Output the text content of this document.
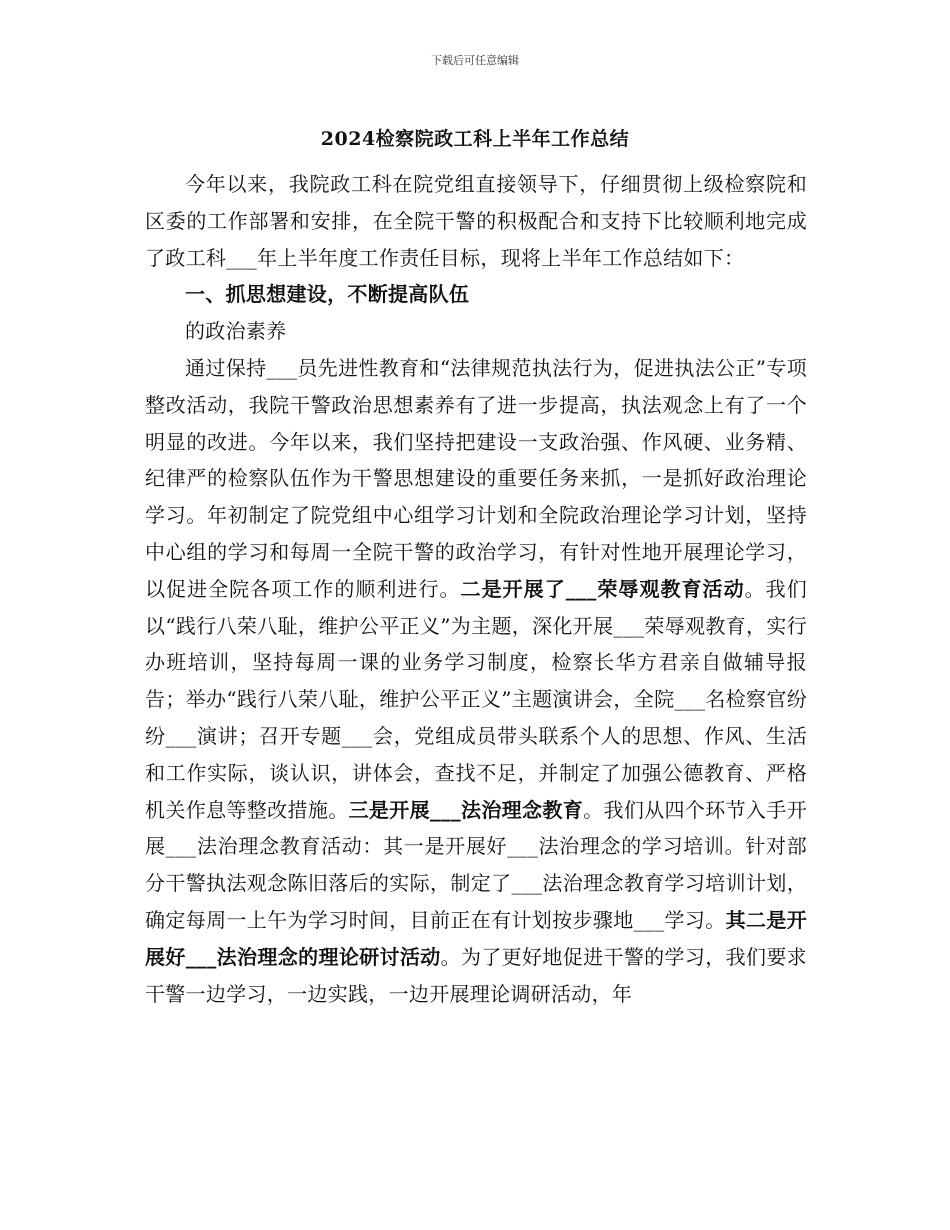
下载后可任意编辑
2024检察院政工科上半年工作总结

今年以来，我院政工科在院党组直接领导下，仔细贯彻上级检察院和区委的工作部署和安排，在全院干警的积极配合和支持下比较顺利地完成了政工科___年上半年度工作责任目标，现将上半年工作总结如下：

一、抓思想建设，不断提高队伍

的政治素养

通过保持___员先进性教育和“法律规范执法行为，促进执法公正”专项整改活动，我院干警政治思想素养有了进一步提高，执法观念上有了一个明显的改进。今年以来，我们坚持把建设一支政治强、作风硬、业务精、纪律严的检察队伍作为干警思想建设的重要任务来抓，一是抓好政治理论学习。年初制定了院党组中心组学习计划和全院政治理论学习计划，坚持中心组的学习和每周一全院干警的政治学习，有针对性地开展理论学习，以促进全院各项工作的顺利进行。二是开展了___荣辱观教育活动。我们以“践行八荣八耻，维护公平正义”为主题，深化开展___荣辱观教育，实行办班培训，坚持每周一课的业务学习制度，检察长华方君亲自做辅导报告；举办“践行八荣八耻，维护公平正义”主题演讲会，全院___名检察官纷纷___演讲；召开专题___会，党组成员带头联系个人的思想、作风、生活和工作实际，谈认识，讲体会，查找不足，并制定了加强公德教育、严格机关作息等整改措施。三是开展___法治理念教育。我们从四个环节入手开展___法治理念教育活动：其一是开展好___法治理念的学习培训。针对部分干警执法观念陈旧落后的实际，制定了___法治理念教育学习培训计划，确定每周一上午为学习时间，目前正在有计划按步骤地___学习。其二是开展好___法治理念的理论研讨活动。为了更好地促进干警的学习，我们要求干警一边学习，一边实践，一边开展理论调研活动，年
